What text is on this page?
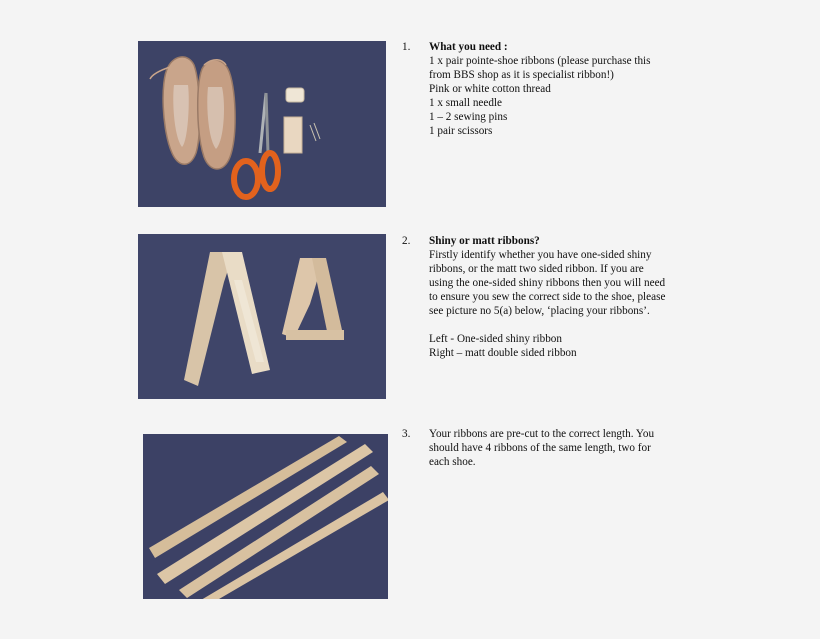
1.	What you need :
1 x pair pointe-shoe ribbons (please purchase this
from BBS shop as it is specialist ribbon!)
Pink or white cotton thread
1 x small needle
1 – 2 sewing pins
1 pair scissors
2.	Shiny or matt ribbons?
Firstly identify whether you have one-sided shiny
ribbons, or the matt two sided ribbon. If you are
using the one-sided shiny ribbons then you will need
to ensure you sew the correct side to the shoe, please
see picture no 5(a) below, ‘placing your ribbons’.
Left - One-sided shiny ribbon
Right – matt double sided ribbon
3.	Your ribbons are pre-cut to the correct length. You
should have 4 ribbons of the same length, two for
each shoe.
